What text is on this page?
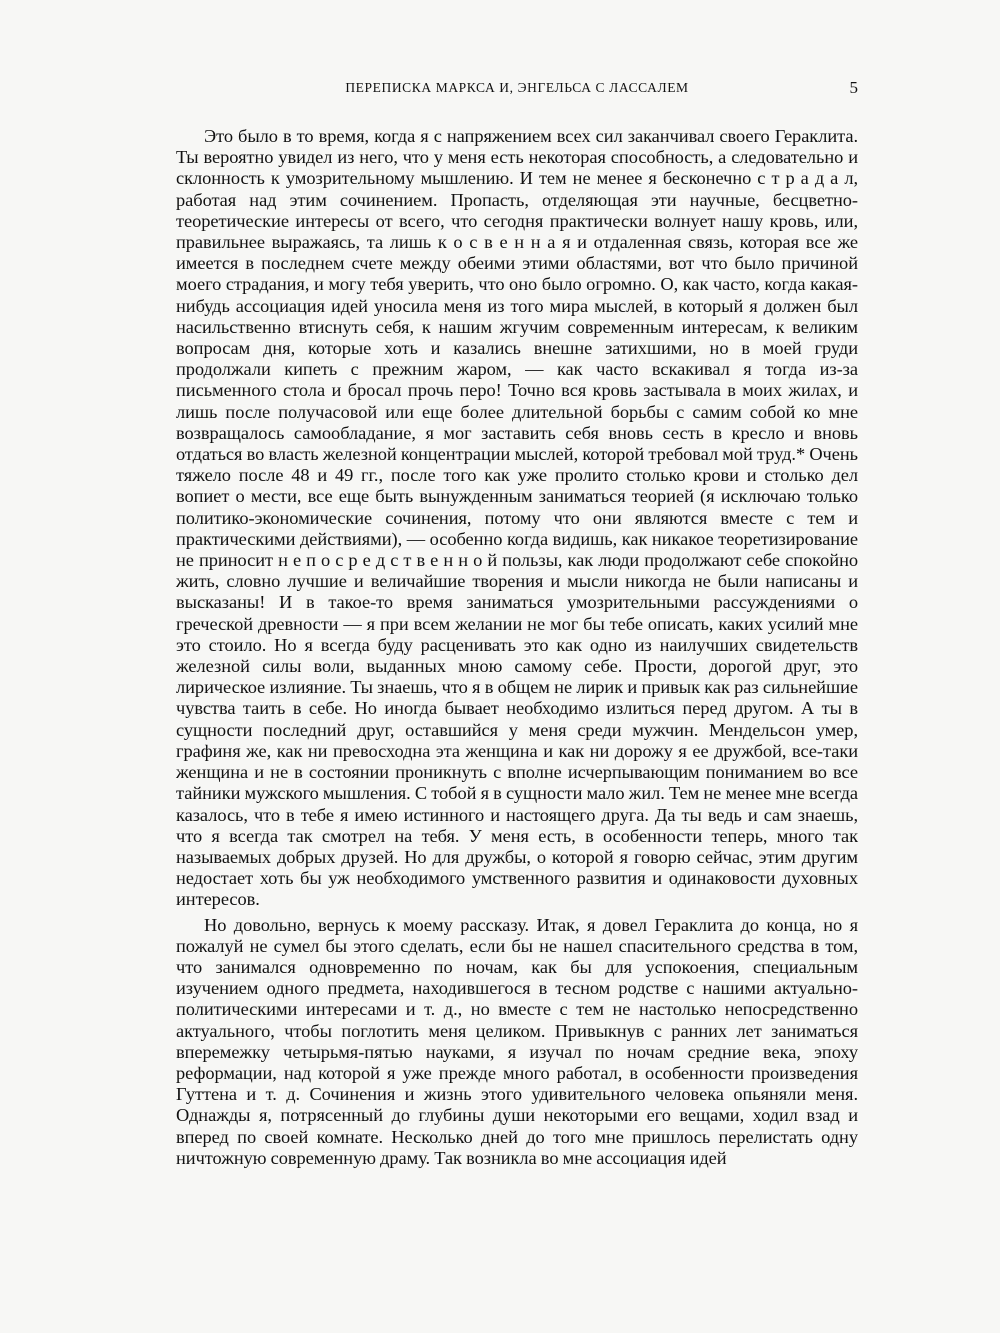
ПЕРЕПИСКА МАРКСА И, ЭНГЕЛЬСА С ЛАССАЛЕМ	5

Это было в то время, когда я с напряжением всех сил заканчивал своего Гераклита. Ты вероятно увидел из него, что у меня есть некоторая способность, а следовательно и склонность к умозрительному мышлению. И тем не менее я бесконечно с т р а д а л, работая над этим сочинением. Пропасть, отделяющая эти научные, бесцветно-теоретические интересы от всего, что сегодня практически волнует нашу кровь, или, правильнее выражаясь, та лишь к о с в е н н а я и отдаленная связь, которая все же имеется в последнем счете между обеими этими областями, вот что было причиной моего страдания, и могу тебя уверить, что оно было огромно. О, как часто, когда какая-нибудь ассоциация идей уносила меня из того мира мыслей, в который я должен был насильственно втиснуть себя, к нашим жгучим современным интересам, к великим вопросам дня, которые хоть и казались внешне затихшими, но в моей груди продолжали кипеть с прежним жаром, — как часто вскакивал я тогда из-за письменного стола и бросал прочь перо! Точно вся кровь застывала в моих жилах, и лишь после получасовой или еще более длительной борьбы с самим собой ко мне возвращалось самообладание, я мог заставить себя вновь сесть в кресло и вновь отдаться во власть железной концентрации мыслей, которой требовал мой труд.* Очень тяжело после 48 и 49 гг., после того как уже пролито столько крови и столько дел вопиет о мести, все еще быть вынужденным заниматься теорией (я исключаю только политико-экономические сочинения, потому что они являются вместе с тем и практическими действиями), — особенно когда видишь, как никакое теоретизирование не приносит н е п о с р е д с т в е н н о й пользы, как люди продолжают себе спокойно жить, словно лучшие и величайшие творения и мысли никогда не были написаны и высказаны! И в такое-то время заниматься умозрительными рассуждениями о греческой древности — я при всем желании не мог бы тебе описать, каких усилий мне это стоило. Но я всегда буду расценивать это как одно из наилучших свидетельств железной силы воли, выданных мною самому себе. Прости, дорогой друг, это лирическое излияние. Ты знаешь, что я в общем не лирик и привык как раз сильнейшие чувства таить в себе. Но иногда бывает необходимо излиться перед другом. А ты в сущности последний друг, оставшийся у меня среди мужчин. Мендельсон умер, графиня же, как ни превосходна эта женщина и как ни дорожу я ее дружбой, все-таки женщина и не в состоянии проникнуть с вполне исчерпывающим пониманием во все тайники мужского мышления. С тобой я в сущности мало жил. Тем не менее мне всегда казалось, что в тебе я имею истинного и настоящего друга. Да ты ведь и сам знаешь, что я всегда так смотрел на тебя. У меня есть, в особенности теперь, много так называемых добрых друзей. Но для дружбы, о которой я говорю сейчас, этим другим недостает хоть бы уж необходимого умственного развития и одинаковости духовных интересов.

Но довольно, вернусь к моему рассказу. Итак, я довел Гераклита до конца, но я пожалуй не сумел бы этого сделать, если бы не нашел спасительного средства в том, что занимался одновременно по ночам, как бы для успокоения, специальным изучением одного предмета, находившегося в тесном родстве с нашими актуально-политическими интересами и т. д., но вместе с тем не настолько непосредственно актуального, чтобы поглотить меня целиком. Привыкнув с ранних лет заниматься вперемежку четырьмя-пятью науками, я изучал по ночам средние века, эпоху реформации, над которой я уже прежде много работал, в особенности произведения Гуттена и т. д. Сочинения и жизнь этого удивительного человека опьяняли меня. Однажды я, потрясенный до глубины души некоторыми его вещами, ходил взад и вперед по своей комнате. Несколько дней до того мне пришлось перелистать одну ничтожную современную драму. Так возникла во мне ассоциация идей
